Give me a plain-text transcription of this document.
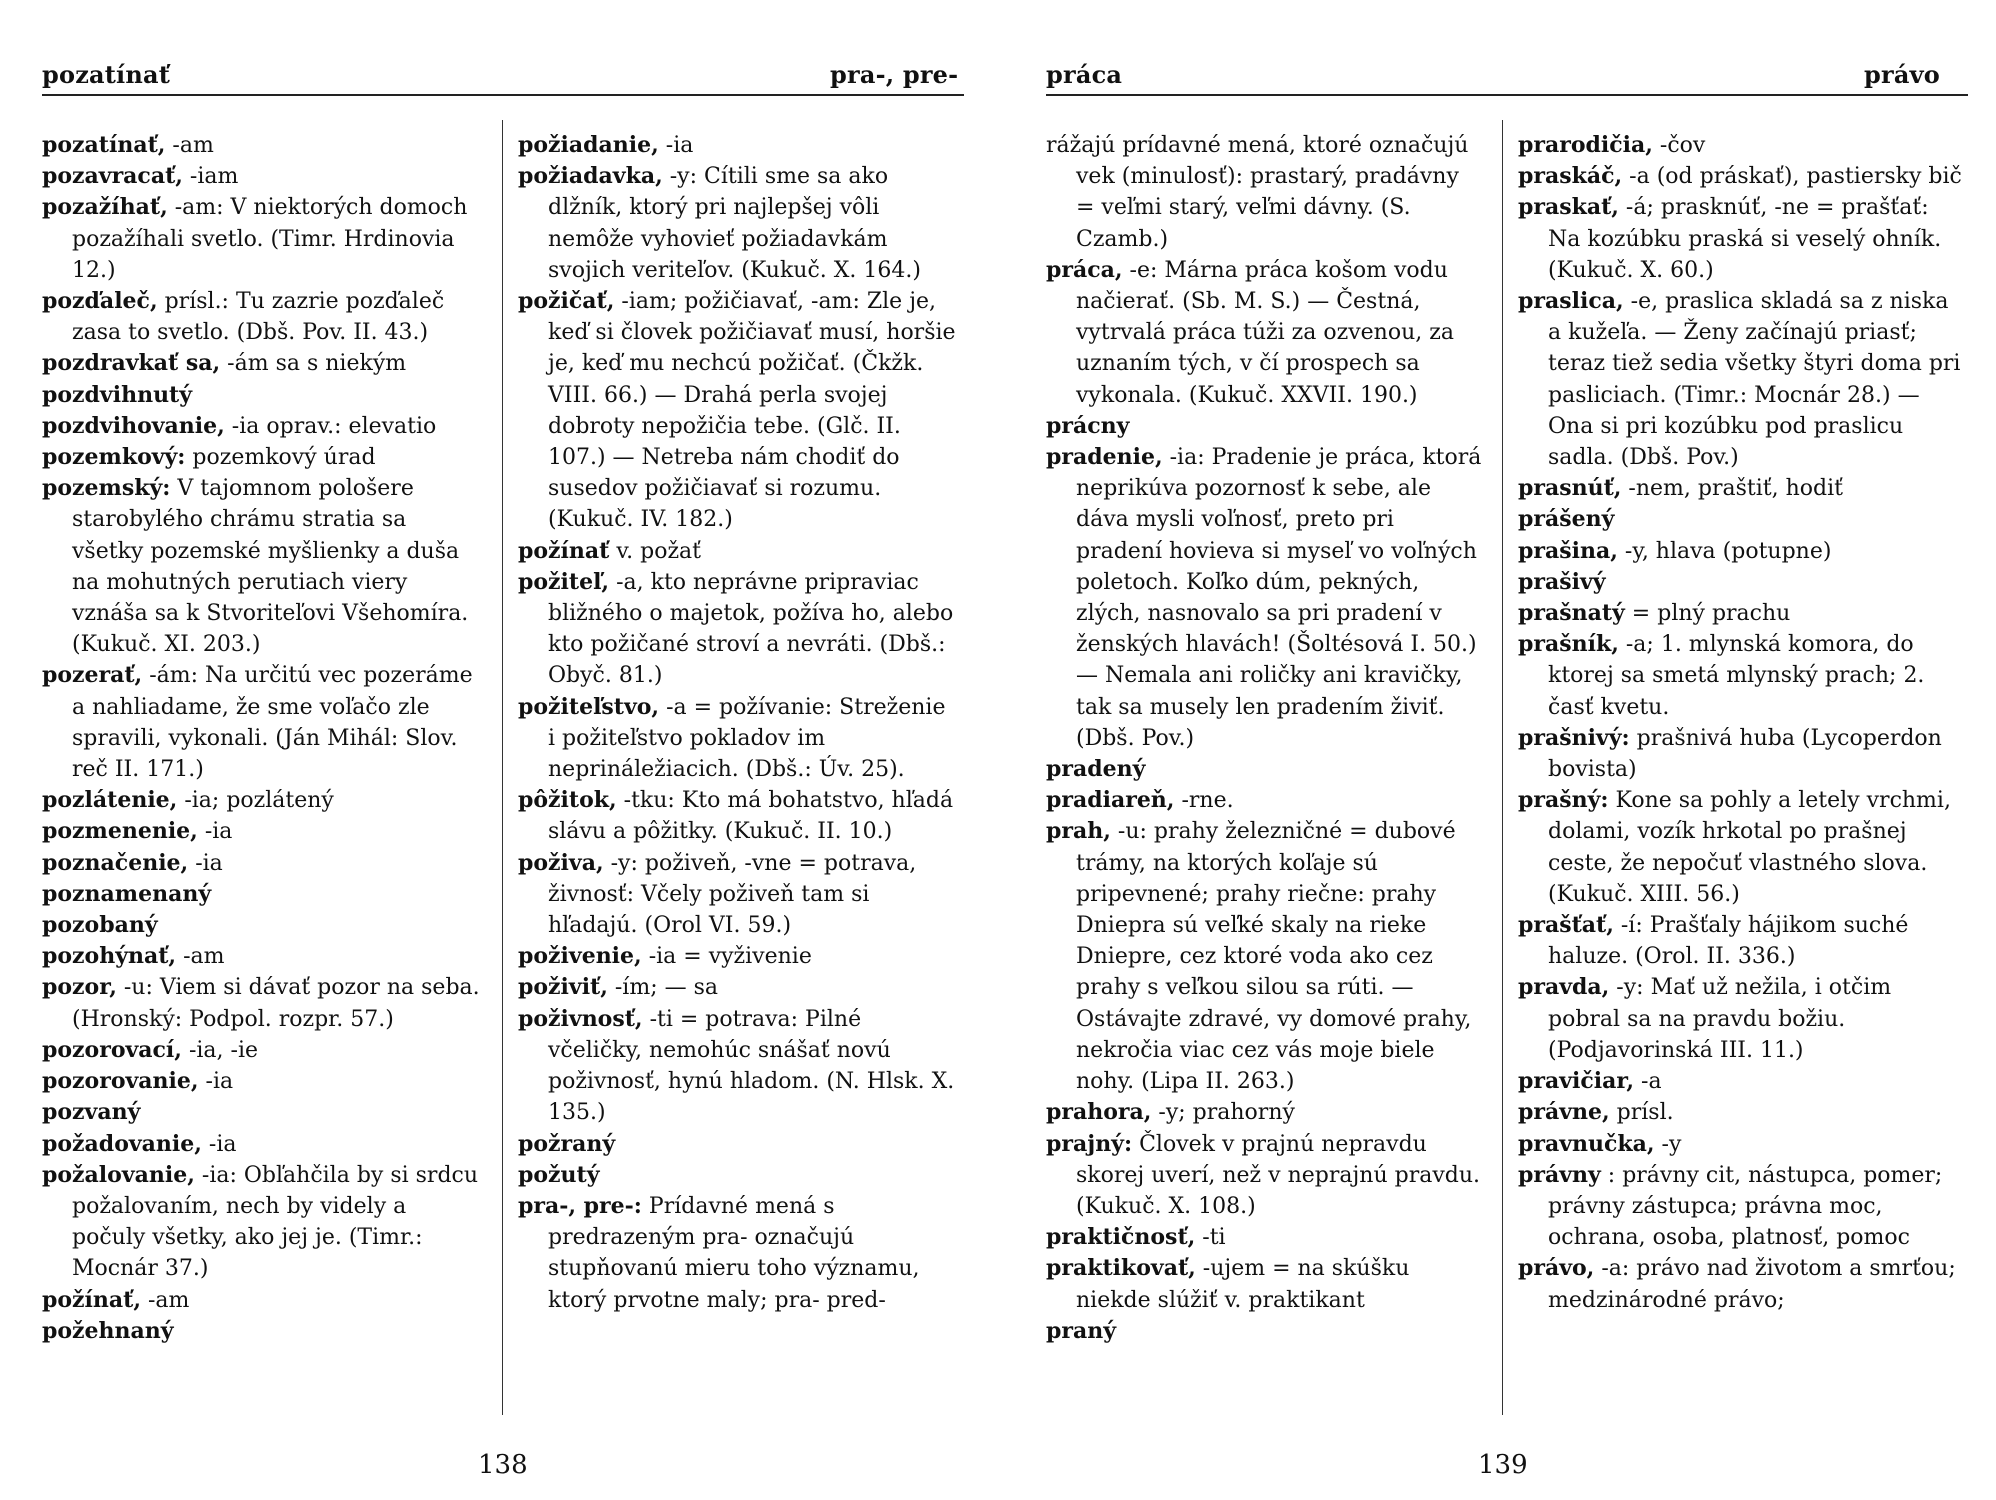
pozatínať	pra-, pre-

pozatínať, -am

pozavracať, -iam

pozažíhať, -am: V niektorých domoch pozažíhali svetlo. (Timr. Hrdinovia 12.)

pozďaleč, prísl.: Tu zazrie pozďaleč zasa to svetlo. (Dbš. Pov. II. 43.)

pozdravkať sa, -ám sa s niekým

pozdvihnutý

pozdvihovanie, -ia oprav.: elevatio

pozemkový: pozemkový úrad

pozemský: V tajomnom pološere starobylého chrámu stratia sa všetky pozemské myšlienky a duša na mohutných perutiach viery vznáša sa k Stvoriteľovi Všehomíra. (Kukuč. XI. 203.)

pozerať, -ám: Na určitú vec pozeráme a nahliadame, že sme voľačo zle spravili, vykonali. (Ján Mihál: Slov. reč II. 171.)

pozlátenie, -ia; pozlátený

pozmenenie, -ia

poznačenie, -ia

poznamenaný

pozobaný

pozohýnať, -am

pozor, -u: Viem si dávať pozor na seba. (Hronský: Podpol. rozpr. 57.)

pozorovací, -ia, -ie

pozorovanie, -ia

pozvaný

požadovanie, -ia

požalovanie, -ia: Obľahčila by si srdcu požalovaním, nech by videly a počuly všetky, ako jej je. (Timr.: Mocnár 37.)

požínať, -am

požehnaný

požiadanie, -ia

požiadavka, -y: Cítili sme sa ako dlžník, ktorý pri najlepšej vôli nemôže vyhovieť požiadavkám svojich veriteľov. (Kukuč. X. 164.)

požičať, -iam; požičiavať, -am: Zle je, keď si človek požičiavať musí, horšie je, keď mu nechcú požičať. (Čkžk. VIII. 66.) — Drahá perla svojej dobroty nepožičia tebe. (Glč. II. 107.) — Netreba nám chodiť do susedov požičiavať si rozumu. (Kukuč. IV. 182.)

požínať v. požať

požiteľ, -a, kto neprávne pripraviac bližného o majetok, požíva ho, alebo kto požičané stroví a nevráti. (Dbš.: Obyč. 81.)

požiteľstvo, -a = požívanie: Streženie i požiteľstvo pokladov im neprináležiacich. (Dbš.: Úv. 25).

pôžitok, -tku: Kto má bohatstvo, hľadá slávu a pôžitky. (Kukuč. II. 10.)

poživa, -y: poživeň, -vne = potrava, živnosť: Včely poživeň tam si hľadajú. (Orol VI. 59.)

poživenie, -ia = vyživenie

poživiť, -ím; — sa

poživnosť, -ti = potrava: Pilné včeličky, nemohúc snášať novú poživnosť, hynú hladom. (N. Hlsk. X. 135.)

požraný

požutý

pra-, pre-: Prídavné mená s predrazeným pra- označujú stupňovanú mieru toho významu, ktorý prvotne maly; pra- pred-

138
práca	právo

rážajú prídavné mená, ktoré označujú vek (minulosť): prastarý, pradávny = veľmi starý, veľmi dávny. (S. Czamb.)

práca, -e: Márna práca košom vodu načierať. (Sb. M. S.) — Čestná, vytrvalá práca túži za ozvenou, za uznaním tých, v čí prospech sa vykonala. (Kukuč. XXVII. 190.)

prácny

pradenie, -ia: Pradenie je práca, ktorá neprikúva pozornosť k sebe, ale dáva mysli voľnosť, preto pri pradení hovieva si myseľ vo voľných poletoch. Koľko dúm, pekných, zlých, nasnovalo sa pri pradení v ženských hlavách! (Šoltésová I. 50.) — Nemala ani roličky ani kravičky, tak sa musely len pradením živiť. (Dbš. Pov.)

pradený

pradiareň, -rne.

prah, -u: prahy železničné = dubové trámy, na ktorých koľaje sú pripevnené; prahy riečne: prahy Dniepra sú veľké skaly na rieke Dniepre, cez ktoré voda ako cez prahy s veľkou silou sa rúti. — Ostávajte zdravé, vy domové prahy, nekročia viac cez vás moje biele nohy. (Lipa II. 263.)

prahora, -y; prahorný

prajný: Človek v prajnú nepravdu skorej uverí, než v neprajnú pravdu. (Kukuč. X. 108.)

praktičnosť, -ti

praktikovať, -ujem = na skúšku niekde slúžiť v. praktikant

praný

prarodičia, -čov

praskáč, -a (od práskať), pastiersky bič

praskať, -á; prasknúť, -ne = prašťať: Na kozúbku praská si veselý ohník. (Kukuč. X. 60.)

praslica, -e, praslica skladá sa z niska a kužeľa. — Ženy začínajú priasť; teraz tiež sedia všetky štyri doma pri pasliciach. (Timr.: Mocnár 28.) — Ona si pri kozúbku pod praslicu sadla. (Dbš. Pov.)

prasnúť, -nem, praštiť, hodiť

prášený

prašina, -y, hlava (potupne)

prašivý

prašnatý = plný prachu

prašník, -a; 1. mlynská komora, do ktorej sa smetá mlynský prach; 2. časť kvetu.

prašnivý: prašnivá huba (Lycoperdon bovista)

prašný: Kone sa pohly a letely vrchmi, dolami, vozík hrkotal po prašnej ceste, že nepočuť vlastného slova. (Kukuč. XIII. 56.)

prašťať, -í: Prašťaly hájikom suché haluze. (Orol. II. 336.)

pravda, -y: Mať už nežila, i otčim pobral sa na pravdu božiu. (Podjavorinská III. 11.)

pravičiar, -a

právne, prísl.

pravnučka, -y

právny : právny cit, nástupca, pomer; právny zástupca; právna moc, ochrana, osoba, platnosť, pomoc

právo, -a: právo nad životom a smrťou; medzinárodné právo;

139
